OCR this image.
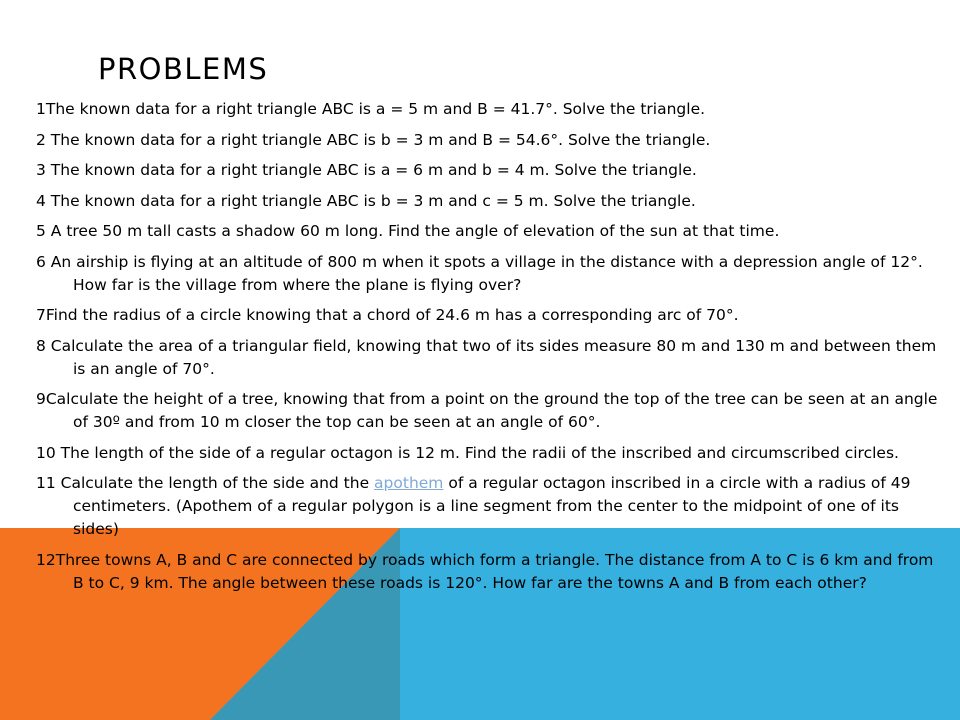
PROBLEMS
1The known data for a right triangle ABC is a = 5 m and B = 41.7°. Solve the triangle.
2 The known data for a right triangle ABC is b = 3 m and B = 54.6°. Solve the triangle.
3 The known data for a right triangle ABC is a = 6 m and b = 4 m. Solve the triangle.
4 The known data for a right triangle ABC is b = 3 m and c = 5 m. Solve the triangle.
5 A tree 50 m tall casts a shadow 60 m long. Find the angle of elevation of the sun at that time.
6 An airship is flying at an altitude of 800 m when it spots a village in the distance with a depression angle of 12°. How far is the village from where the plane is flying over?
7Find the radius of a circle knowing that a chord of 24.6 m has a corresponding arc of 70°.
8 Calculate the area of a triangular field, knowing that two of its sides measure 80 m and 130 m and between them is an angle of 70°.
9Calculate the height of a tree, knowing that from a point on the ground the top of the tree can be seen at an angle of 30º and from 10 m closer the top can be seen at an angle of 60°.
10 The length of the side of a regular octagon is 12 m. Find the radii of the inscribed and circumscribed circles.
11 Calculate the length of the side and the apothem of a regular octagon inscribed in a circle with a radius of 49 centimeters. (Apothem of a regular polygon is a line segment from the center to the midpoint of one of its sides)
12Three towns A, B and C are connected by roads which form a triangle. The distance from A to C is 6 km and from B to C, 9 km. The angle between these roads is 120°. How far are the towns A and B from each other?
